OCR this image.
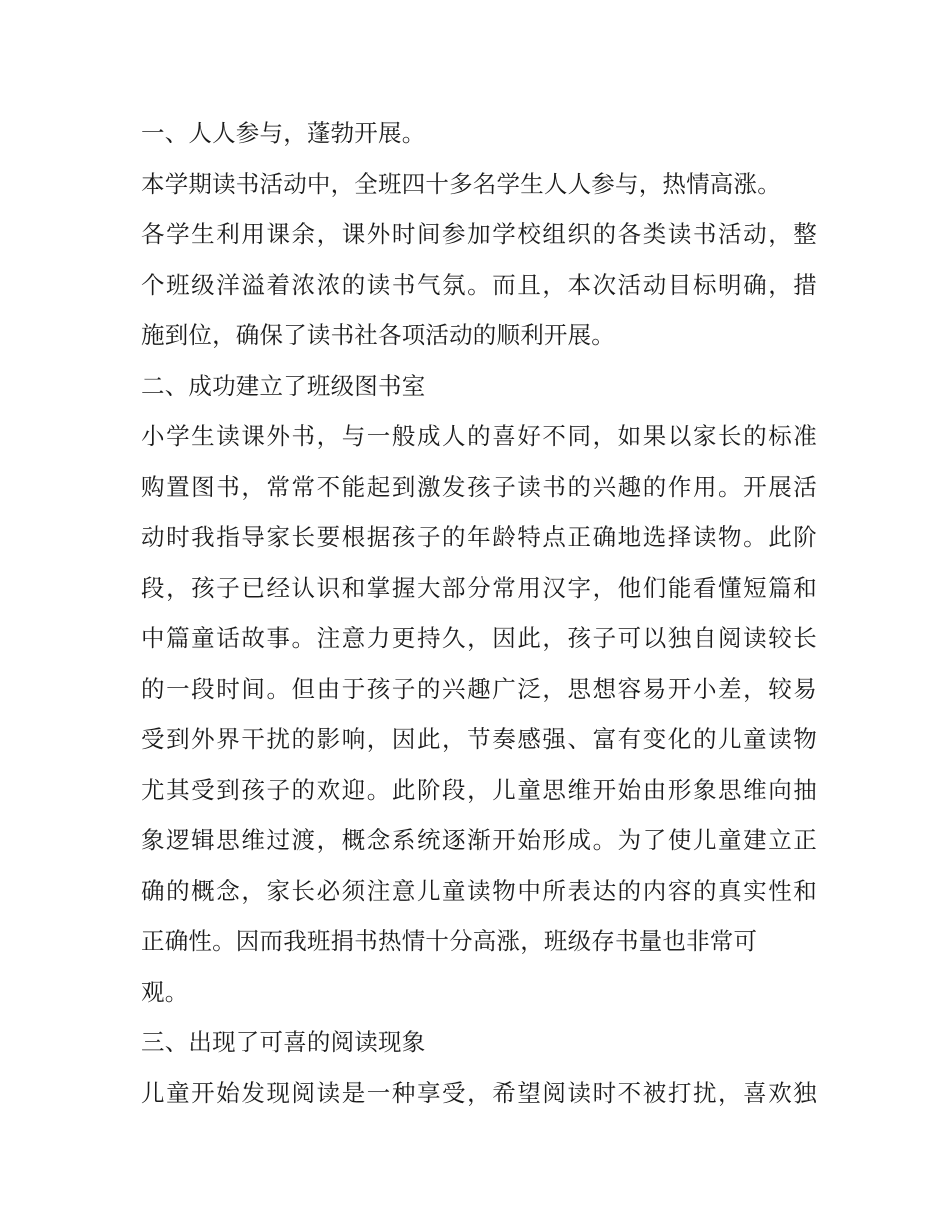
一、人人参与，蓬勃开展。
本学期读书活动中，全班四十多名学生人人参与，热情高涨。
各学生利用课余，课外时间参加学校组织的各类读书活动，整
个班级洋溢着浓浓的读书气氛。而且，本次活动目标明确，措
施到位，确保了读书社各项活动的顺利开展。
二、成功建立了班级图书室
小学生读课外书，与一般成人的喜好不同，如果以家长的标准
购置图书，常常不能起到激发孩子读书的兴趣的作用。开展活
动时我指导家长要根据孩子的年龄特点正确地选择读物。此阶
段，孩子已经认识和掌握大部分常用汉字，他们能看懂短篇和
中篇童话故事。注意力更持久，因此，孩子可以独自阅读较长
的一段时间。但由于孩子的兴趣广泛，思想容易开小差，较易
受到外界干扰的影响，因此，节奏感强、富有变化的儿童读物
尤其受到孩子的欢迎。此阶段，儿童思维开始由形象思维向抽
象逻辑思维过渡，概念系统逐渐开始形成。为了使儿童建立正
确的概念，家长必须注意儿童读物中所表达的内容的真实性和
正确性。因而我班捐书热情十分高涨，班级存书量也非常可
观。
三、出现了可喜的阅读现象
儿童开始发现阅读是一种享受，希望阅读时不被打扰，喜欢独
